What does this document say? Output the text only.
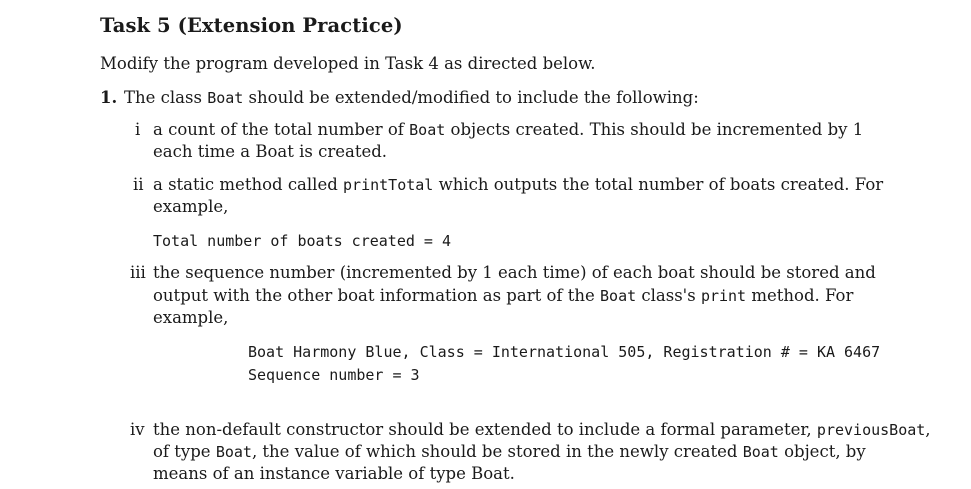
Task 5 (Extension Practice)
Modify the program developed in Task 4 as directed below.
1. The class Boat should be extended/modified to include the following:
i a count of the total number of Boat objects created. This should be incremented by 1
each time a Boat is created.
ii a static method called printTotal which outputs the total number of boats created. For
example,
Total number of boats created = 4
iii the sequence number (incremented by 1 each time) of each boat should be stored and
output with the other boat information as part of the Boat class's print method. For
example,
Boat Harmony Blue, Class = International 505, Registration # = KA 6467
Sequence number = 3
iv the non-default constructor should be extended to include a formal parameter, previousBoat,
of type Boat, the value of which should be stored in the newly created Boat object, by
means of an instance variable of type Boat.
